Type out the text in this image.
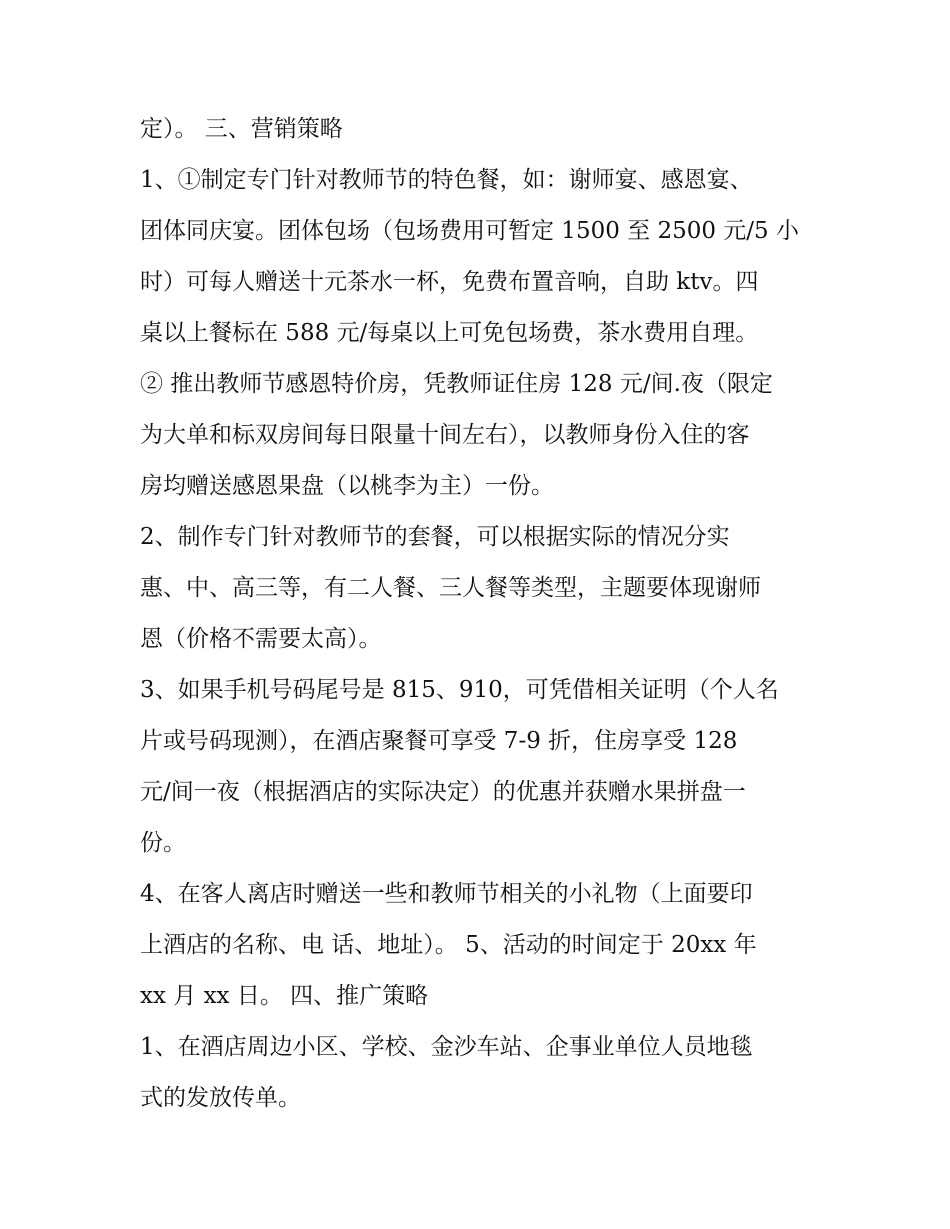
定）。 三、营销策略
1、①制定专门针对教师节的特色餐，如：谢师宴、感恩宴、
团体同庆宴。团体包场（包场费用可暂定 1500 至 2500 元/5 小
时）可每人赠送十元茶水一杯，免费布置音响，自助 ktv。四
桌以上餐标在 588 元/每桌以上可免包场费，茶水费用自理。
② 推出教师节感恩特价房，凭教师证住房 128 元/间.夜（限定
为大单和标双房间每日限量十间左右），以教师身份入住的客
房均赠送感恩果盘（以桃李为主）一份。
2、制作专门针对教师节的套餐，可以根据实际的情况分实
惠、中、高三等，有二人餐、三人餐等类型，主题要体现谢师
恩（价格不需要太高）。
3、如果手机号码尾号是 815、910，可凭借相关证明（个人名
片或号码现测），在酒店聚餐可享受 7-9 折，住房享受 128
元/间一夜（根据酒店的实际决定）的优惠并获赠水果拼盘一
份。
4、在客人离店时赠送一些和教师节相关的小礼物（上面要印
上酒店的名称、电 话、地址）。 5、活动的时间定于 20xx 年
xx 月 xx 日。 四、推广策略
1、在酒店周边小区、学校、金沙车站、企事业单位人员地毯
式的发放传单。
